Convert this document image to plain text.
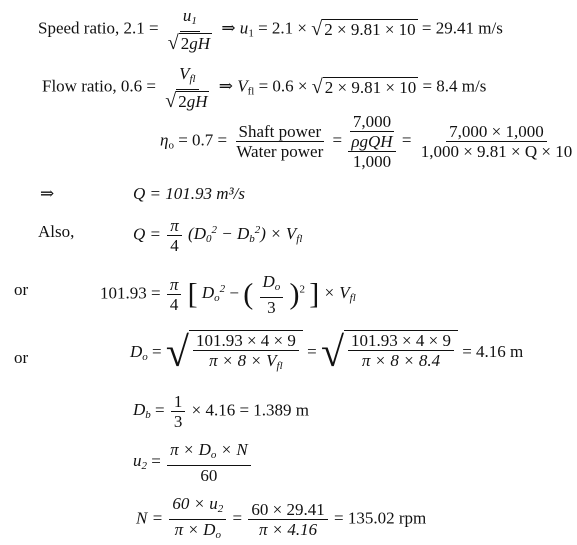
Speed ratio, $2.1 = \frac{u_1}{√ 2gH}$ ⇒ $u_1 = 2.1$ × √ 2 × 9.81 × 10 = 29.41 m/s
Flow ratio, $0.6 = \frac{V_{fl}}{√ 2gH}$ ⇒ $V_{fl} = 0.6$ × √ 2 × 9.81 × 10 = 8.4 m/s
$\eta_o = 0.7 = \frac{\text{Shaft power}}{\text{Water power}}$ =
7,000
ρgQH
1,000
= $\frac{7,000 \times 1,000}{1,000 \times 9.81 \times Q \times 10}$
⇒	Q = 101.93 m³/s
Also,	$Q = \frac{\pi}{4} (D_0^2 - D_b^2) \times V_{fl}$
or	$101.93 = \frac{\pi}{4}$ [ $D_o^2$ − ( $\frac{D_o}{3} )^2$ ] × $V_{fl}$
or	$D_o$ = √ $\frac{101.93 \times 4 \times 9}{\pi \times 8 \times V_{fl}}$ = √ $\frac{101.93 \times 4 \times 9}{\pi \times 8 \times 8.4} = 4.16$ m
$D_b = \frac{1}{3} \times 4.16 = 1.389$ m
$u_2 = \frac{\pi \times D_o \times N}{60}$
$N = \frac{60 \times u_2}{\pi \times D_o} = \frac{60 \times 29.41}{\pi \times 4.16} = 135.02$ rpm
